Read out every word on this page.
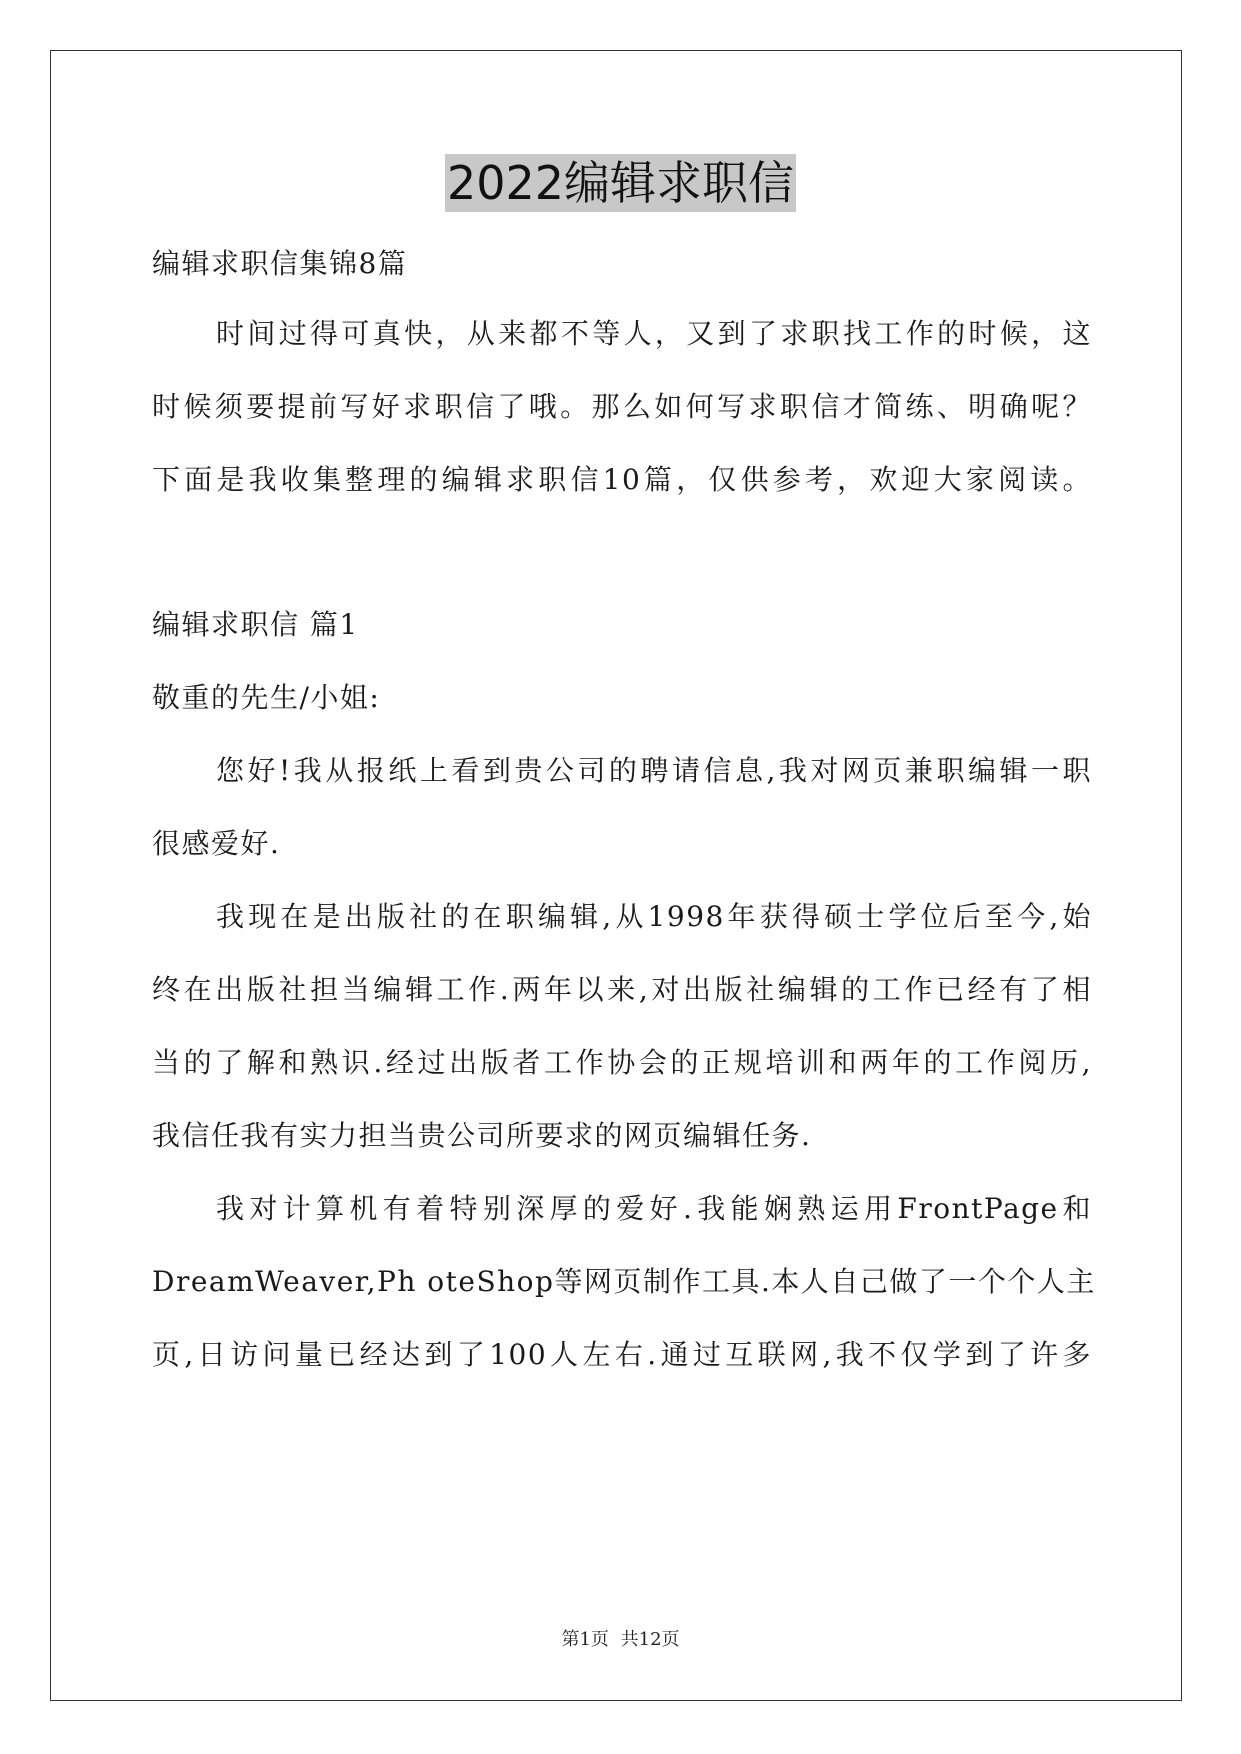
2022编辑求职信
编辑求职信集锦8篇
时间过得可真快，从来都不等人，又到了求职找工作的时候，这
时候须要提前写好求职信了哦。那么如何写求职信才简练、明确呢？
下面是我收集整理的编辑求职信10篇，仅供参考，欢迎大家阅读。
编辑求职信 篇1
敬重的先生/小姐:
您好!我从报纸上看到贵公司的聘请信息,我对网页兼职编辑一职
很感爱好.
我现在是出版社的在职编辑,从1998年获得硕士学位后至今,始
终在出版社担当编辑工作.两年以来,对出版社编辑的工作已经有了相
当的了解和熟识.经过出版者工作协会的正规培训和两年的工作阅历,
我信任我有实力担当贵公司所要求的网页编辑任务.
我对计算机有着特别深厚的爱好.我能娴熟运用FrontPage和
DreamWeaver,Ph oteShop等网页制作工具.本人自己做了一个个人主
页,日访问量已经达到了100人左右.通过互联网,我不仅学到了许多
第1页 共12页
